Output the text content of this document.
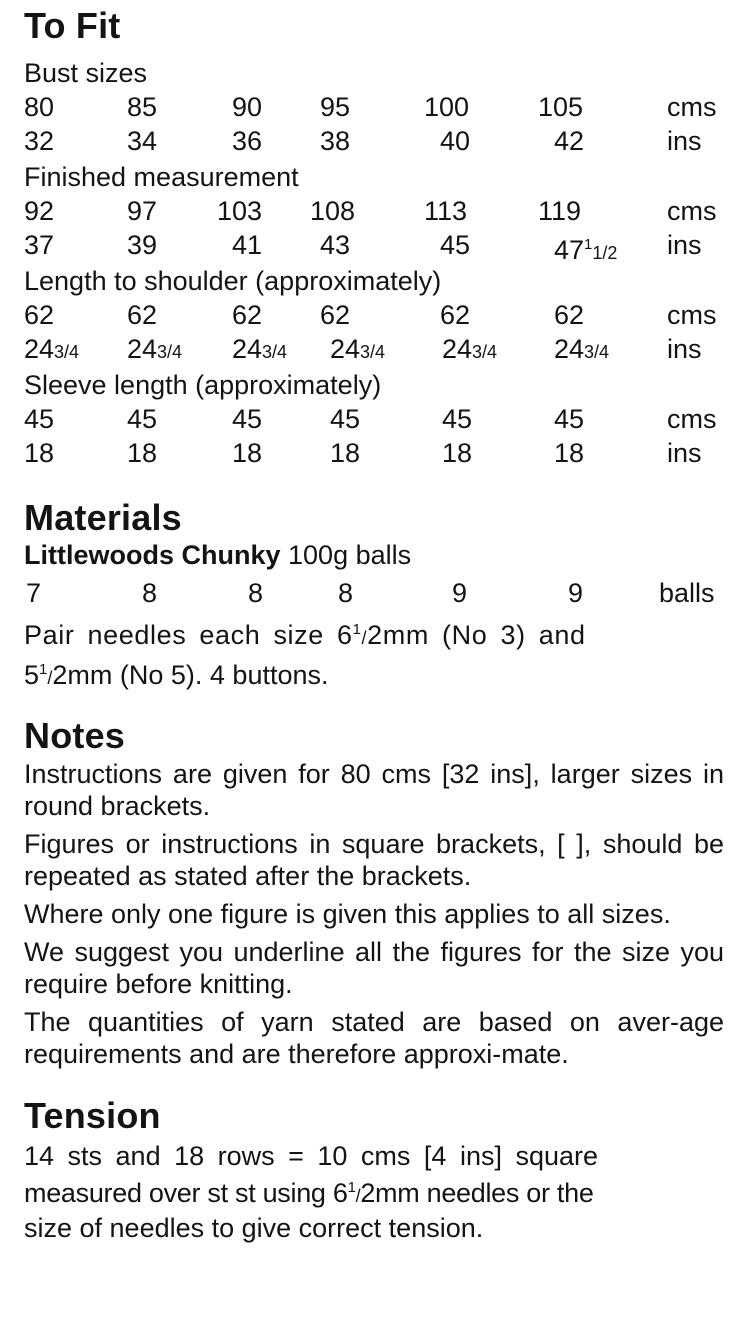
To Fit
Bust sizes
80	85	90 95	100	105	cms
32	34	36 38	40	42	ins
Finished measurement
92	97 103 108	113	119	cms
37	39	41 43	45	$47^11/2$ ins
Length to shoulder (approximately)
62	62	62 62	62	62	cms
243/4 243/4 243/4 243/4 243/4 243/4 ins
Sleeve length (approximately)
45	45	45	45	45	45	cms
18	18	18	18	18	18	ins
Materials
Littlewoods Chunky 100g balls
7	8	8	8	9	9	balls
Pair needles each size $6^1/2mm$ (No 3) and
$5^1/2mm$ (No 5). 4 buttons.
Notes

Instructions are given for 80 cms [32 ins], larger sizes in round brackets.

Figures or instructions in square brackets, [ ], should be repeated as stated after the brackets.

Where only one figure is given this applies to all sizes.

We suggest you underline all the figures for the size you require before knitting.

The quantities of yarn stated are based on aver-age requirements and are therefore approxi-mate.

Tension
14 sts and 18 rows = 10 cms [4 ins] square
measured over st st using $6^1/2mm$ needles or the
size of needles to give correct tension.
